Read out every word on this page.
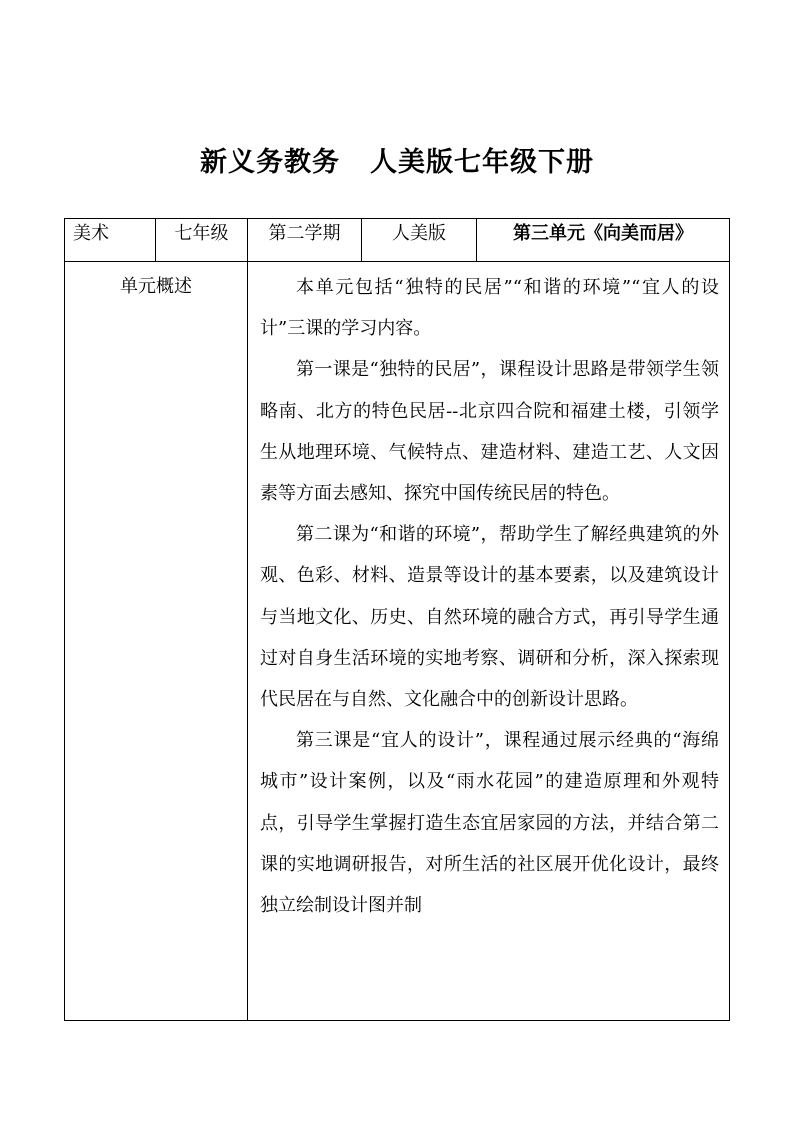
新义务教务 人美版七年级下册
美术	七年级	第二学期	人美版	第三单元《向美而居》
单元概述		本单元包括“独特的民居”“和谐的环境”“宜人的设计”三课的学习内容。

第一课是“独特的民居”，课程设计思路是带领学生领略南、北方的特色民居--北京四合院和福建土楼，引领学生从地理环境、气候特点、建造材料、建造工艺、人文因素等方面去感知、探究中国传统民居的特色。

第二课为“和谐的环境”，帮助学生了解经典建筑的外观、色彩、材料、造景等设计的基本要素，以及建筑设计与当地文化、历史、自然环境的融合方式，再引导学生通过对自身生活环境的实地考察、调研和分析，深入探索现代民居在与自然、文化融合中的创新设计思路。

第三课是“宜人的设计”，课程通过展示经典的“海绵城市”设计案例，以及“雨水花园”的建造原理和外观特点，引导学生掌握打造生态宜居家园的方法，并结合第二课的实地调研报告，对所生活的社区展开优化设计，最终独立绘制设计图并制		
